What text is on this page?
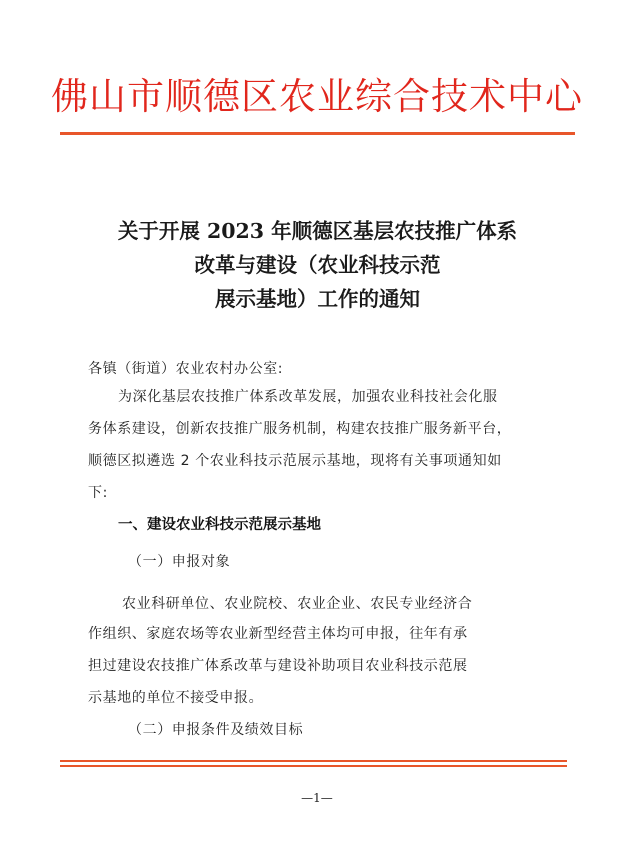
佛山市顺德区农业综合技术中心
关于开展 2023 年顺德区基层农技推广体系
改革与建设（农业科技示范
展示基地）工作的通知
各镇（街道）农业农村办公室:
为深化基层农技推广体系改革发展，加强农业科技社会化服
务体系建设，创新农技推广服务机制，构建农技推广服务新平台，
顺德区拟遴选 2 个农业科技示范展示基地，现将有关事项通知如
下:
一、建设农业科技示范展示基地
（一）申报对象
农业科研单位、农业院校、农业企业、农民专业经济合
作组织、家庭农场等农业新型经营主体均可申报，往年有承
担过建设农技推广体系改革与建设补助项目农业科技示范展
示基地的单位不接受申报。
（二）申报条件及绩效目标
—1—
